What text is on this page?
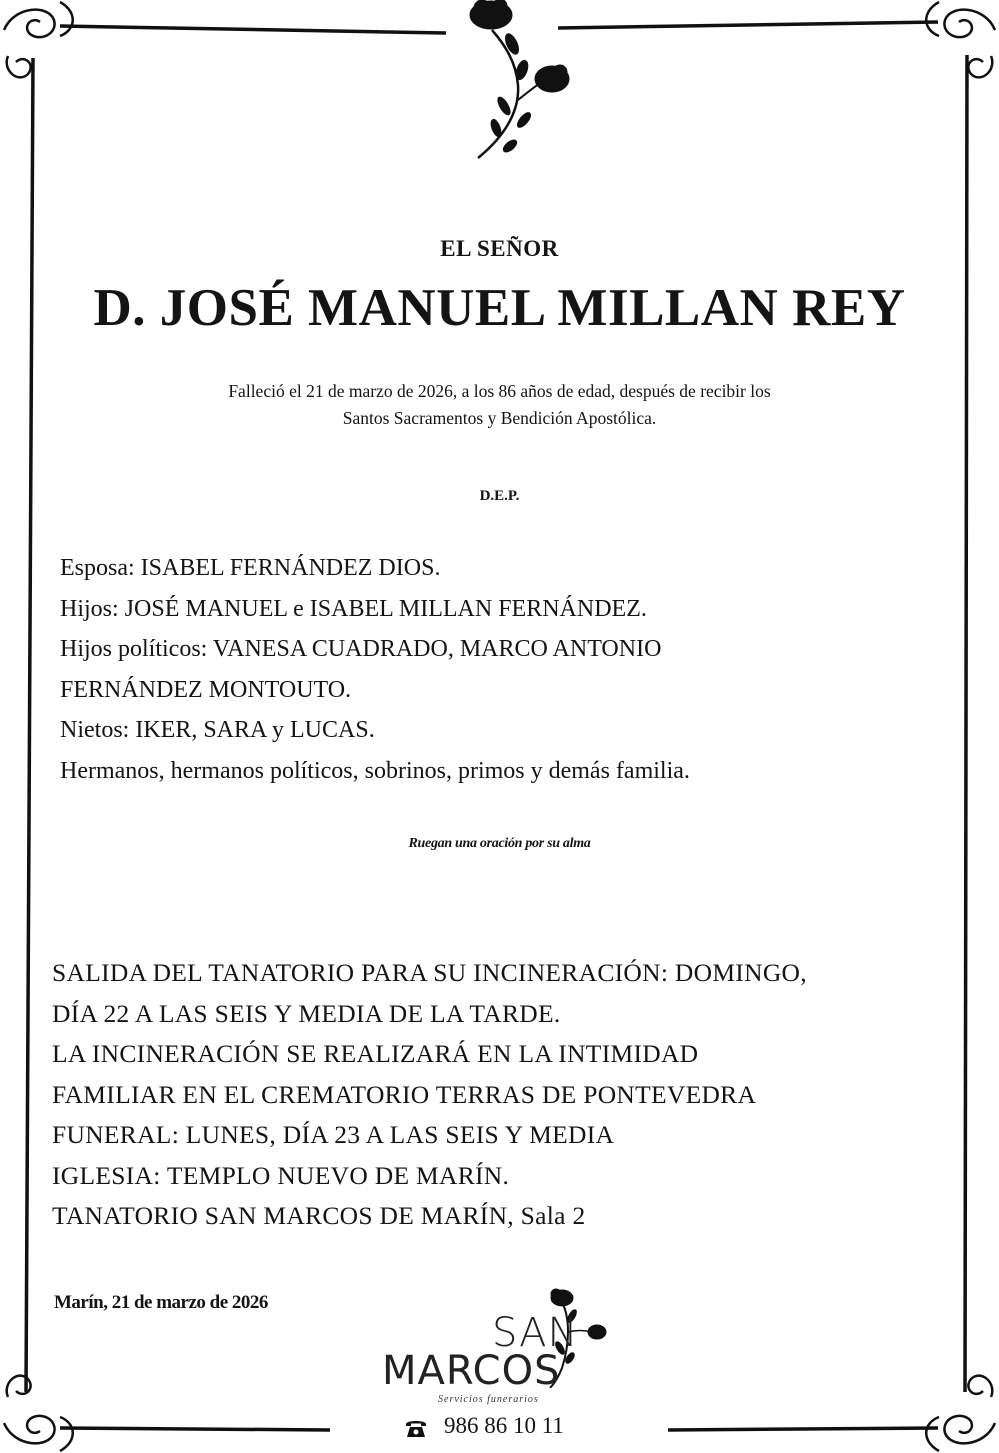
EL SEÑOR
D. JOSÉ MANUEL MILLAN REY
Falleció el 21 de marzo de 2026, a los 86 años de edad, después de recibir los
Santos Sacramentos y Bendición Apostólica.
D.E.P.
Esposa: ISABEL FERNÁNDEZ DIOS.
Hijos: JOSÉ MANUEL e ISABEL MILLAN FERNÁNDEZ.
Hijos políticos: VANESA CUADRADO, MARCO ANTONIO
FERNÁNDEZ MONTOUTO.
Nietos: IKER, SARA y LUCAS.
Hermanos, hermanos políticos, sobrinos, primos y demás familia.
Ruegan una oración por su alma
SALIDA DEL TANATORIO PARA SU INCINERACIÓN: DOMINGO,
DÍA 22 A LAS SEIS Y MEDIA DE LA TARDE.
LA INCINERACIÓN SE REALIZARÁ EN LA INTIMIDAD
FAMILIAR EN EL CREMATORIO TERRAS DE PONTEVEDRA
FUNERAL: LUNES, DÍA 23 A LAS SEIS Y MEDIA
IGLESIA: TEMPLO NUEVO DE MARÍN.
TANATORIO SAN MARCOS DE MARÍN, Sala 2
Marín, 21 de marzo de 2026
SAN
MARCOS
Servicios funerarios
986 86 10 11
